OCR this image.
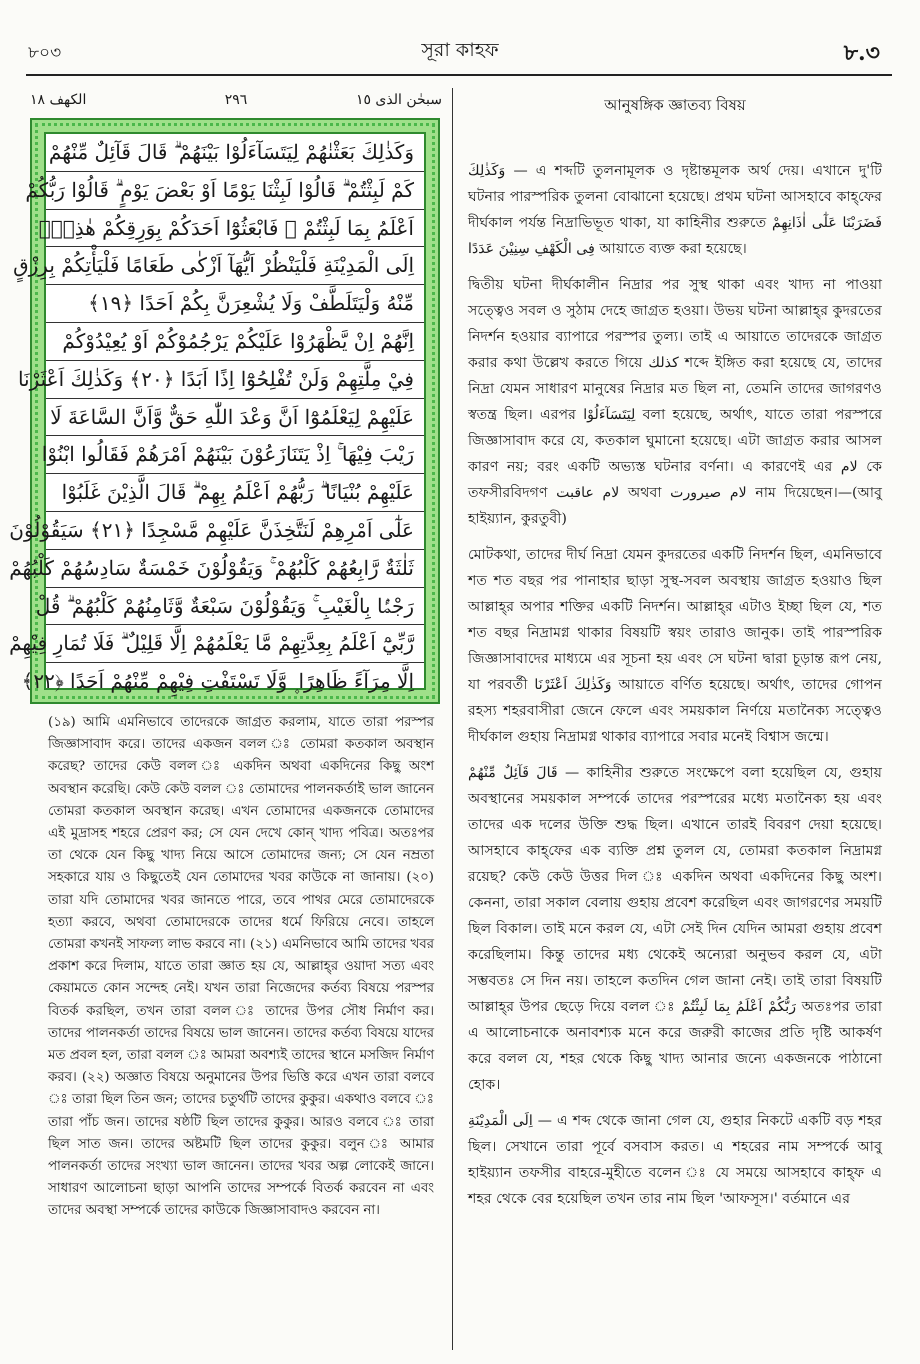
৮০৩	সূরা কাহফ	৮.৩
سبحٰن الذی ١٥
٢٩٦
الکھف ١٨
وَكَذٰلِكَ بَعَثْنٰهُمْ لِيَتَسَآءَلُوْا بَيْنَهُمْ ۗ قَالَ قَآئِلٌ مِّنْهُمْ
كَمْ لَبِثْتُمْ ۗ قَالُوْا لَبِثْنَا يَوْمًا اَوْ بَعْضَ يَوْمٍ ۗ قَالُوْا رَبُّكُمْ
اَعْلَمُ بِمَا لَبِثْتُمْ ۗ فَابْعَثُوْٓا اَحَدَكُمْ بِوَرِقِكُمْ هٰذِهٖٓ
اِلَى الْمَدِيْنَةِ فَلْيَنْظُرْ اَيُّهَآ اَزْكٰى طَعَامًا فَلْيَأْتِكُمْ بِرِزْقٍ
مِّنْهُ وَلْيَتَلَطَّفْ وَلَا يُشْعِرَنَّ بِكُمْ اَحَدًا ﴿١٩﴾
اِنَّهُمْ اِنْ يَّظْهَرُوْا عَلَيْكُمْ يَرْجُمُوْكُمْ اَوْ يُعِيْدُوْكُمْ
فِيْ مِلَّتِهِمْ وَلَنْ تُفْلِحُوْٓا اِذًا اَبَدًا ﴿٢٠﴾ وَكَذٰلِكَ اَعْثَرْنَا
عَلَيْهِمْ لِيَعْلَمُوْٓا اَنَّ وَعْدَ اللّٰهِ حَقٌّ وَّاَنَّ السَّاعَةَ لَا
رَيْبَ فِيْهَا ۚ اِذْ يَتَنَازَعُوْنَ بَيْنَهُمْ اَمْرَهُمْ فَقَالُوا ابْنُوْا
عَلَيْهِمْ بُنْيَانًا ۗ رَبُّهُمْ اَعْلَمُ بِهِمْ ۗ قَالَ الَّذِيْنَ غَلَبُوْا
عَلٰٓى اَمْرِهِمْ لَنَتَّخِذَنَّ عَلَيْهِمْ مَّسْجِدًا ﴿٢١﴾ سَيَقُوْلُوْنَ
ثَلٰثَةٌ رَّابِعُهُمْ كَلْبُهُمْ ۚ وَيَقُوْلُوْنَ خَمْسَةٌ سَادِسُهُمْ كَلْبُهُمْ
رَجْمًۢا بِالْغَيْبِ ۚ وَيَقُوْلُوْنَ سَبْعَةٌ وَّثَامِنُهُمْ كَلْبُهُمْ ۗ قُلْ
رَّبِّيْٓ اَعْلَمُ بِعِدَّتِهِمْ مَّا يَعْلَمُهُمْ اِلَّا قَلِيْلٌ ۗ فَلَا تُمَارِ فِيْهِمْ
اِلَّا مِرَآءً ظَاهِرًا ۪ وَّلَا تَسْتَفْتِ فِيْهِمْ مِّنْهُمْ اَحَدًا ﴿٢٢﴾

(১৯) আমি এমনিভাবে তাদেরকে জাগ্রত করলাম, যাতে তারা পরস্পর জিজ্ঞাসাবাদ করে। তাদের একজন বলল ঃ তোমরা কতকাল অবস্থান করেছ? তাদের কেউ বলল ঃ একদিন অথবা একদিনের কিছু অংশ অবস্থান করেছি। কেউ কেউ বলল ঃ তোমাদের পালনকর্তাই ভাল জানেন তোমরা কতকাল অবস্থান করেছ। এখন তোমাদের একজনকে তোমাদের এই মুদ্রাসহ শহরে প্রেরণ কর; সে যেন দেখে কোন্ খাদ্য পবিত্র। অতঃপর তা থেকে যেন কিছু খাদ্য নিয়ে আসে তোমাদের জন্য; সে যেন নম্রতা সহকারে যায় ও কিছুতেই যেন তোমাদের খবর কাউকে না জানায়। (২০) তারা যদি তোমাদের খবর জানতে পারে, তবে পাথর মেরে তোমাদেরকে হত্যা করবে, অথবা তোমাদেরকে তাদের ধর্মে ফিরিয়ে নেবে। তাহলে তোমরা কখনই সাফল্য লাভ করবে না। (২১) এমনিভাবে আমি তাদের খবর প্রকাশ করে দিলাম, যাতে তারা জ্ঞাত হয় যে, আল্লাহ্‌র ওয়াদা সত্য এবং কেয়ামতে কোন সন্দেহ নেই। যখন তারা নিজেদের কর্তব্য বিষয়ে পরস্পর বিতর্ক করছিল, তখন তারা বলল ঃ তাদের উপর সৌধ নির্মাণ কর। তাদের পালনকর্তা তাদের বিষয়ে ভাল জানেন। তাদের কর্তব্য বিষয়ে যাদের মত প্রবল হল, তারা বলল ঃ আমরা অবশ্যই তাদের স্থানে মসজিদ নির্মাণ করব। (২২) অজ্ঞাত বিষয়ে অনুমানের উপর ভিত্তি করে এখন তারা বলবে ঃ তারা ছিল তিন জন; তাদের চতুর্থটি তাদের কুকুর। একথাও বলবে ঃ তারা পাঁচ জন। তাদের ষষ্ঠটি ছিল তাদের কুকুর। আরও বলবে ঃ তারা ছিল সাত জন। তাদের অষ্টমটি ছিল তাদের কুকুর। বলুন ঃ আমার পালনকর্তা তাদের সংখ্যা ভাল জানেন। তাদের খবর অল্প লোকেই জানে। সাধারণ আলোচনা ছাড়া আপনি তাদের সম্পর্কে বিতর্ক করবেন না এবং তাদের অবস্থা সম্পর্কে তাদের কাউকে জিজ্ঞাসাবাদও করবেন না।

আনুষঙ্গিক জ্ঞাতব্য বিষয়

وَكَذٰلِكَ — এ শব্দটি তুলনামূলক ও দৃষ্টান্তমূলক অর্থ দেয়। এখানে দু'টি ঘটনার পারস্পরিক তুলনা বোঝানো হয়েছে। প্রথম ঘটনা আসহাবে কাহ্‌ফের দীর্ঘকাল পর্যন্ত নিদ্রাভিভূত থাকা, যা কাহিনীর শুরুতে فَضَرَبْنَا عَلٰٓى اٰذَانِهِمْ فِى الْكَهْفِ سِنِيْنَ عَدَدًا আয়াতে ব্যক্ত করা হয়েছে।

দ্বিতীয় ঘটনা দীর্ঘকালীন নিদ্রার পর সুস্থ থাকা এবং খাদ্য না পাওয়া সত্ত্বেও সবল ও সুঠাম দেহে জাগ্রত হওয়া। উভয় ঘটনা আল্লাহ্‌র কুদরতের নিদর্শন হওয়ার ব্যাপারে পরস্পর তুল্য। তাই এ আয়াতে তাদেরকে জাগ্রত করার কথা উল্লেখ করতে গিয়ে كذلك শব্দে ইঙ্গিত করা হয়েছে যে, তাদের নিদ্রা যেমন সাধারণ মানুষের নিদ্রার মত ছিল না, তেমনি তাদের জাগরণও স্বতন্ত্র ছিল। এরপর لِيَتَسَآءَلُوْا বলা হয়েছে, অর্থাৎ, যাতে তারা পরস্পরে জিজ্ঞাসাবাদ করে যে, কতকাল ঘুমানো হয়েছে। এটা জাগ্রত করার আসল কারণ নয়; বরং একটি অভ্যস্ত ঘটনার বর্ণনা। এ কারণেই এর لام কে তফসীরবিদগণ لام عاقبت অথবা لام صيرورت নাম দিয়েছেন।—(আবু হাইয়্যান, কুরতুবী)

মোটকথা, তাদের দীর্ঘ নিদ্রা যেমন কুদরতের একটি নিদর্শন ছিল, এমনিভাবে শত শত বছর পর পানাহার ছাড়া সুস্থ-সবল অবস্থায় জাগ্রত হওয়াও ছিল আল্লাহ্‌র অপার শক্তির একটি নিদর্শন। আল্লাহ্‌র এটাও ইচ্ছা ছিল যে, শত শত বছর নিদ্রামগ্ন থাকার বিষয়টি স্বয়ং তারাও জানুক। তাই পারস্পরিক জিজ্ঞাসাবাদের মাধ্যমে এর সূচনা হয় এবং সে ঘটনা দ্বারা চূড়ান্ত রূপ নেয়, যা পরবর্তী وَكَذٰلِكَ اَعْثَرْنَا আয়াতে বর্ণিত হয়েছে। অর্থাৎ, তাদের গোপন রহস্য শহরবাসীরা জেনে ফেলে এবং সময়কাল নির্ণয়ে মতানৈক্য সত্ত্বেও দীর্ঘকাল গুহায় নিদ্রামগ্ন থাকার ব্যাপারে সবার মনেই বিশ্বাস জন্মে।

قَالَ قَآئِلٌ مِّنْهُمْ — কাহিনীর শুরুতে সংক্ষেপে বলা হয়েছিল যে, গুহায় অবস্থানের সময়কাল সম্পর্কে তাদের পরস্পরের মধ্যে মতানৈক্য হয় এবং তাদের এক দলের উক্তি শুদ্ধ ছিল। এখানে তারই বিবরণ দেয়া হয়েছে। আসহাবে কাহ্‌ফের এক ব্যক্তি প্রশ্ন তুলল যে, তোমরা কতকাল নিদ্রামগ্ন রয়েছ? কেউ কেউ উত্তর দিল ঃ একদিন অথবা একদিনের কিছু অংশ। কেননা, তারা সকাল বেলায় গুহায় প্রবেশ করেছিল এবং জাগরণের সময়টি ছিল বিকাল। তাই মনে করল যে, এটা সেই দিন যেদিন আমরা গুহায় প্রবেশ করেছিলাম। কিন্তু তাদের মধ্য থেকেই অন্যেরা অনুভব করল যে, এটা সম্ভবতঃ সে দিন নয়। তাহলে কতদিন গেল জানা নেই। তাই তারা বিষয়টি আল্লাহ্‌র উপর ছেড়ে দিয়ে বলল ঃ رَبُّكُمْ اَعْلَمُ بِمَا لَبِثْتُمْ অতঃপর তারা এ আলোচনাকে অনাবশ্যক মনে করে জরুরী কাজের প্রতি দৃষ্টি আকর্ষণ করে বলল যে, শহর থেকে কিছু খাদ্য আনার জন্যে একজনকে পাঠানো হোক।

اِلَى الْمَدِيْنَةِ — এ শব্দ থেকে জানা গেল যে, গুহার নিকটে একটি বড় শহর ছিল। সেখানে তারা পূর্বে বসবাস করত। এ শহরের নাম সম্পর্কে আবু হাইয়্যান তফসীর বাহরে-মুহীতে বলেন ঃ যে সময়ে আসহাবে কাহ্‌ফ এ শহর থেকে বের হয়েছিল তখন তার নাম ছিল 'আফসূস।' বর্তমানে এর
